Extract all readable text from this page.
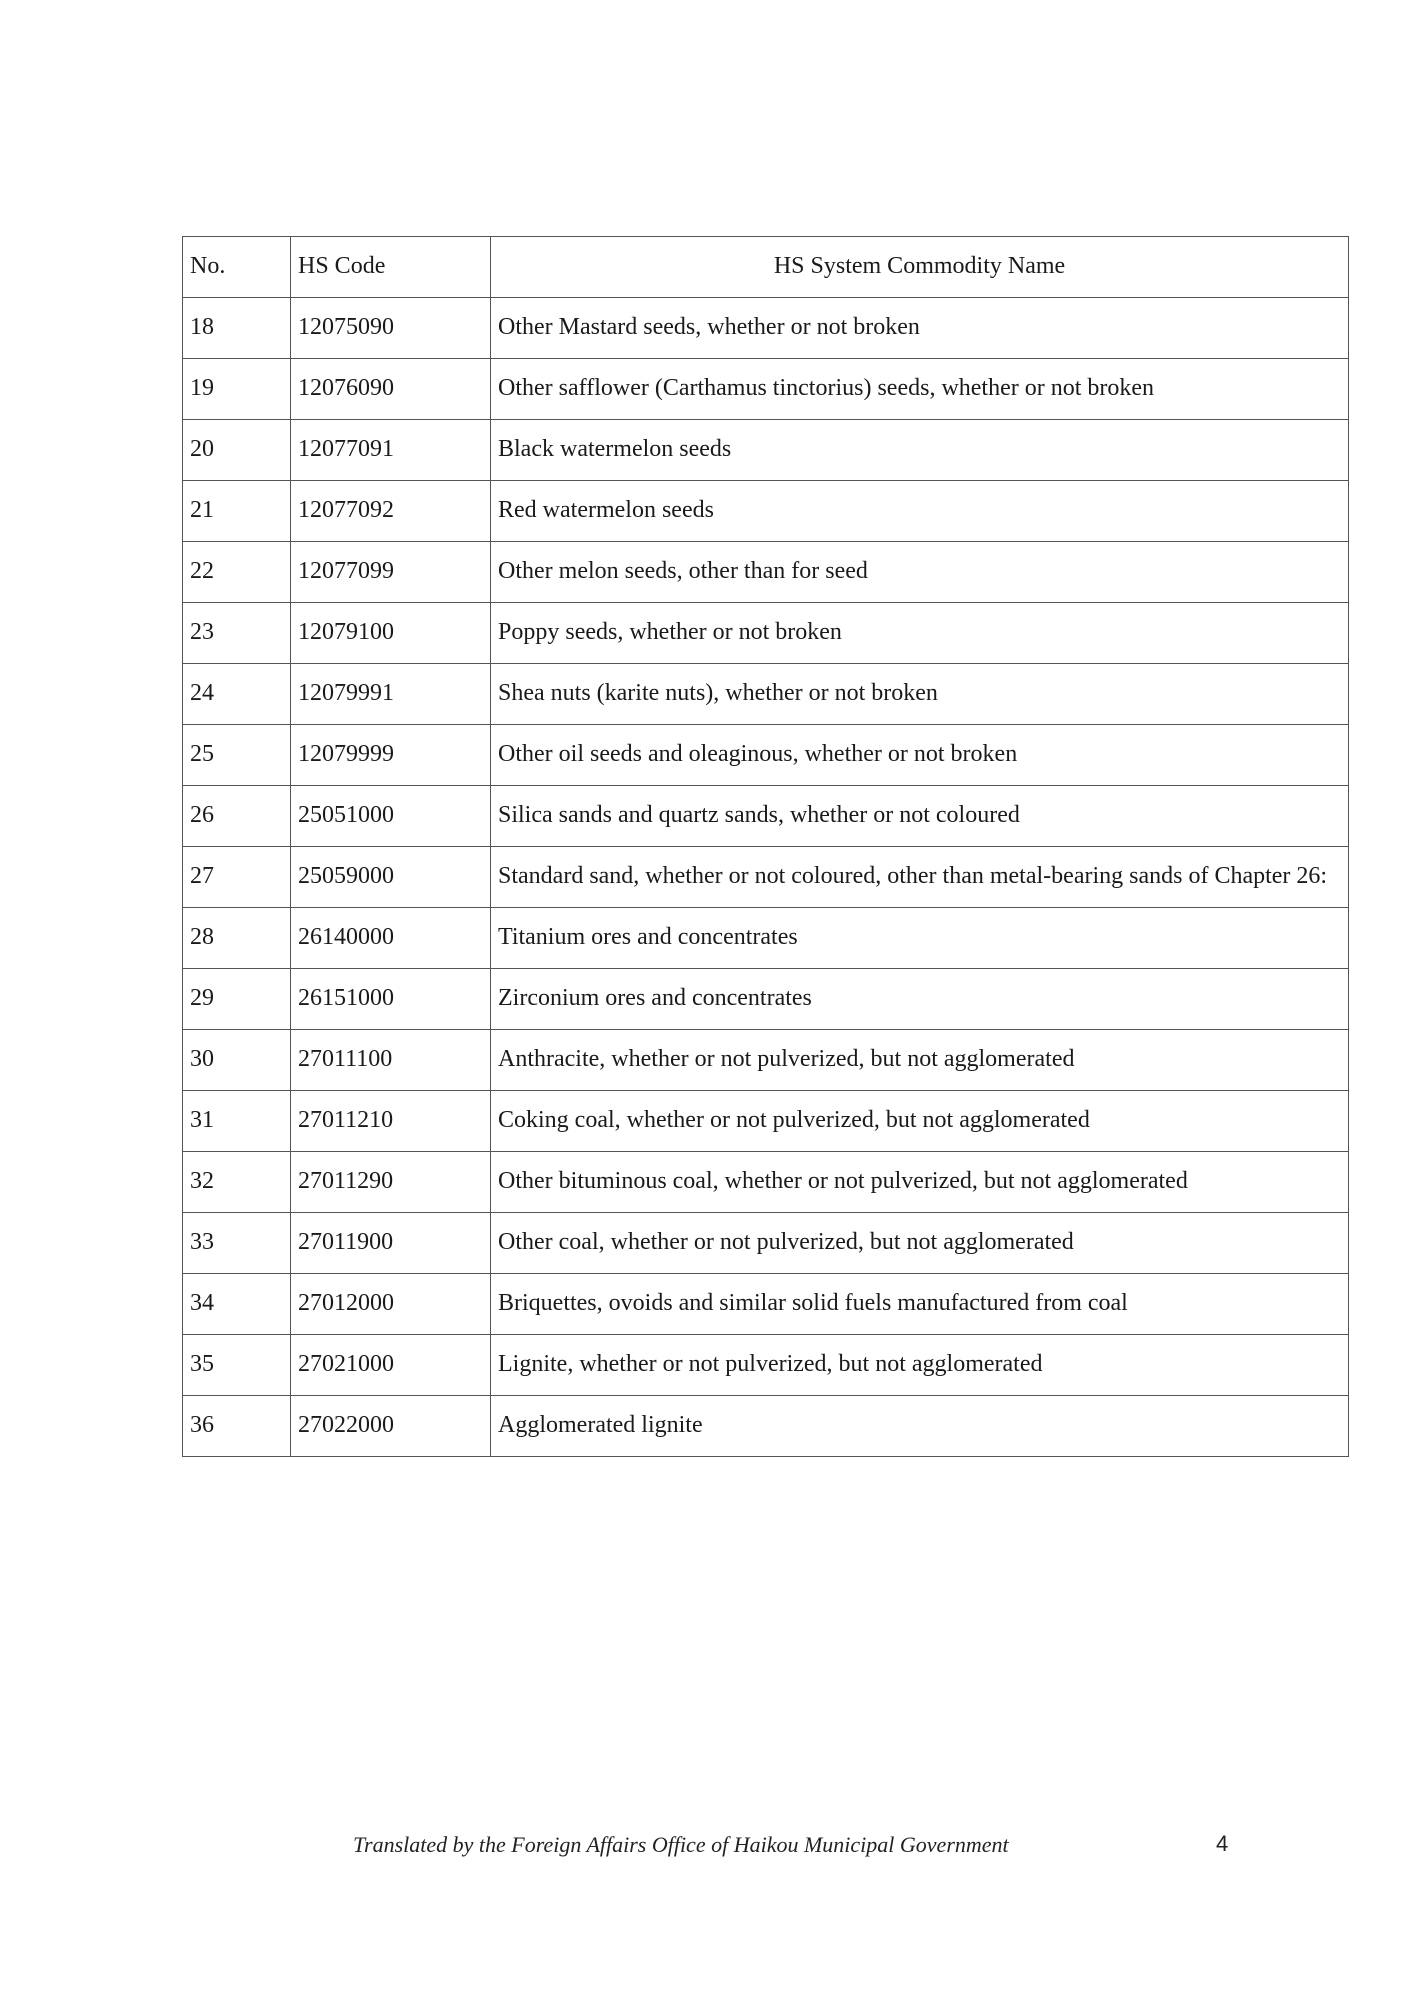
No.	HS Code	HS System Commodity Name
18	12075090	Other Mastard seeds, whether or not broken
19	12076090	Other safflower (Carthamus tinctorius) seeds, whether or not broken
20	12077091	Black watermelon seeds
21	12077092	Red watermelon seeds
22	12077099	Other melon seeds, other than for seed
23	12079100	Poppy seeds, whether or not broken
24	12079991	Shea nuts (karite nuts), whether or not broken
25	12079999	Other oil seeds and oleaginous, whether or not broken
26	25051000	Silica sands and quartz sands, whether or not coloured
27	25059000	Standard sand, whether or not coloured, other than metal-bearing sands of Chapter 26:
28	26140000	Titanium ores and concentrates
29	26151000	Zirconium ores and concentrates
30	27011100	Anthracite, whether or not pulverized, but not agglomerated
31	27011210	Coking coal, whether or not pulverized, but not agglomerated
32	27011290	Other bituminous coal, whether or not pulverized, but not agglomerated
33	27011900	Other coal, whether or not pulverized, but not agglomerated
34	27012000	Briquettes, ovoids and similar solid fuels manufactured from coal
35	27021000	Lignite, whether or not pulverized, but not agglomerated
36	27022000	Agglomerated lignite
Translated by the Foreign Affairs Office of Haikou Municipal Government	4
